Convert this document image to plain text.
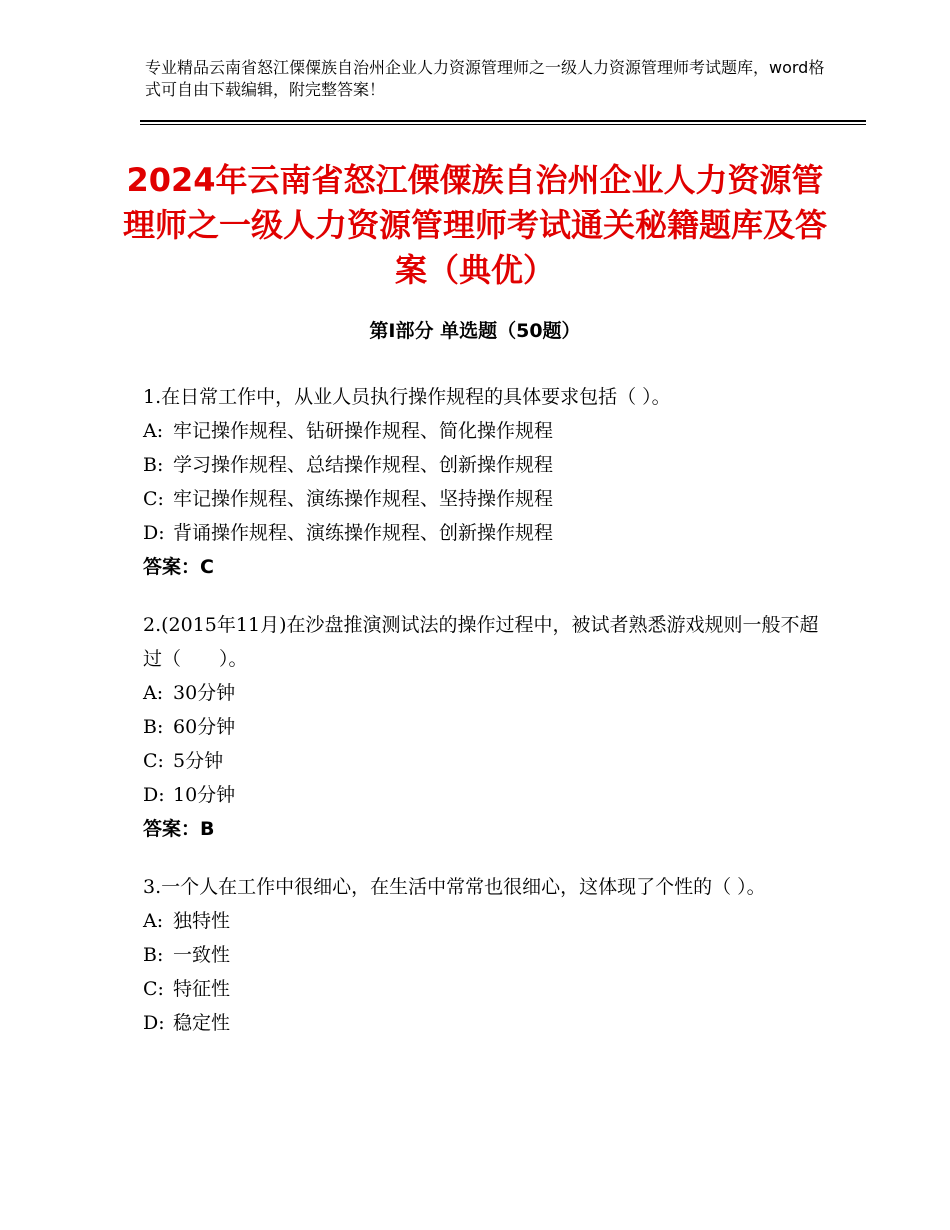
专业精品云南省怒江傈僳族自治州企业人力资源管理师之一级人力资源管理师考试题库，word格式可自由下载编辑，附完整答案！
2024年云南省怒江傈僳族自治州企业人力资源管理师之一级人力资源管理师考试通关秘籍题库及答案（典优）
第Ⅰ部分 单选题（50题）

1.在日常工作中，从业人员执行操作规程的具体要求包括（ ）。

A: 牢记操作规程、钻研操作规程、简化操作规程

B: 学习操作规程、总结操作规程、创新操作规程

C: 牢记操作规程、演练操作规程、坚持操作规程

D: 背诵操作规程、演练操作规程、创新操作规程

答案：C

2.(2015年11月)在沙盘推演测试法的操作过程中，被试者熟悉游戏规则一般不超过（　　）。

A: 30分钟

B: 60分钟

C: 5分钟

D: 10分钟

答案：B

3.一个人在工作中很细心，在生活中常常也很细心，这体现了个性的（ ）。

A: 独特性

B: 一致性

C: 特征性

D: 稳定性
